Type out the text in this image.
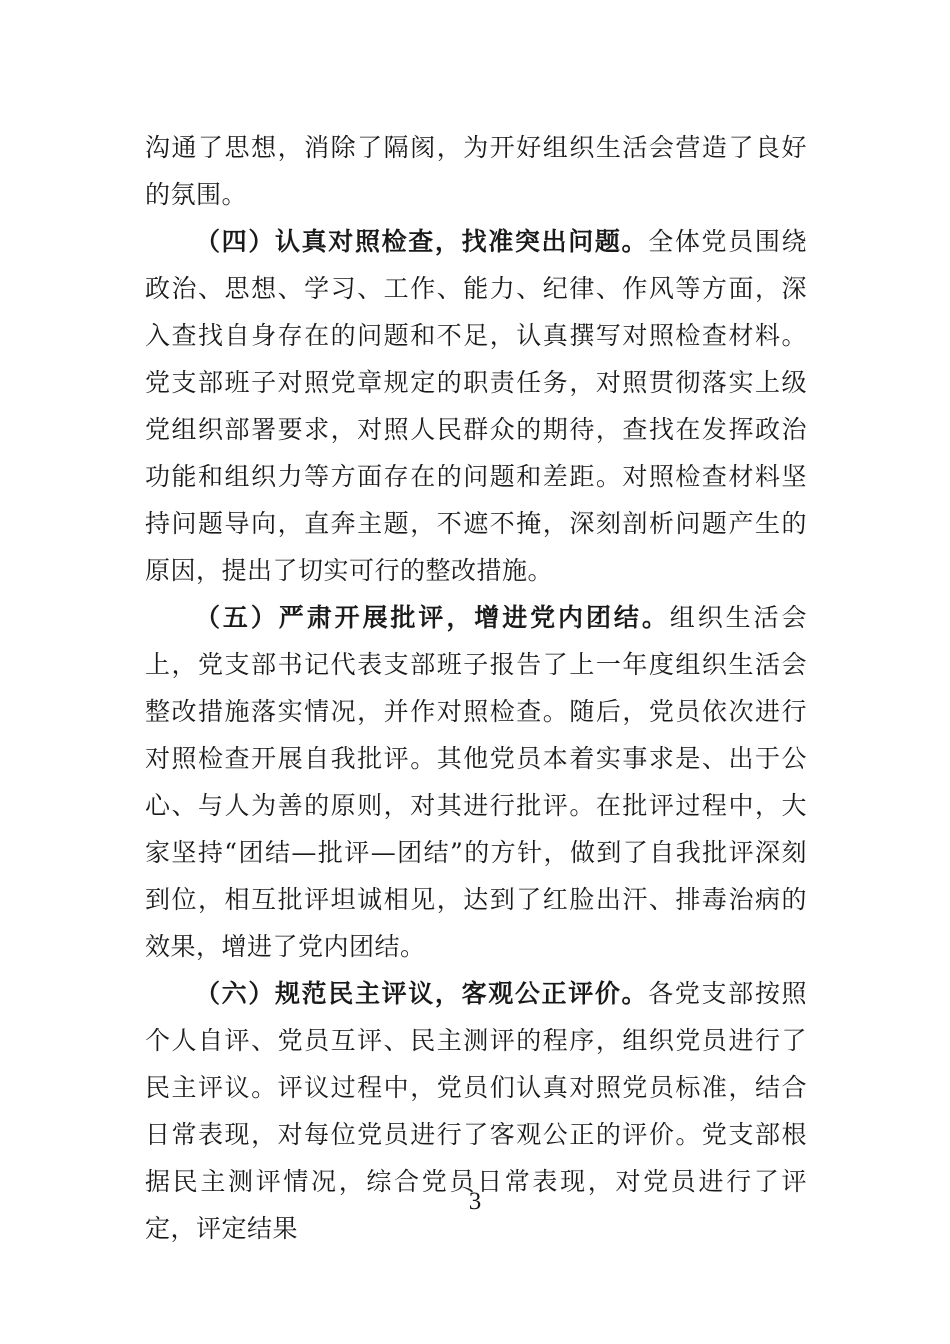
沟通了思想，消除了隔阂，为开好组织生活会营造了良好的氛围。

（四）认真对照检查，找准突出问题。全体党员围绕政治、思想、学习、工作、能力、纪律、作风等方面，深入查找自身存在的问题和不足，认真撰写对照检查材料。党支部班子对照党章规定的职责任务，对照贯彻落实上级党组织部署要求，对照人民群众的期待，查找在发挥政治功能和组织力等方面存在的问题和差距。对照检查材料坚持问题导向，直奔主题，不遮不掩，深刻剖析问题产生的原因，提出了切实可行的整改措施。

（五）严肃开展批评，增进党内团结。组织生活会上，党支部书记代表支部班子报告了上一年度组织生活会整改措施落实情况，并作对照检查。随后，党员依次进行对照检查开展自我批评。其他党员本着实事求是、出于公心、与人为善的原则，对其进行批评。在批评过程中，大家坚持“团结—批评—团结”的方针，做到了自我批评深刻到位，相互批评坦诚相见，达到了红脸出汗、排毒治病的效果，增进了党内团结。

（六）规范民主评议，客观公正评价。各党支部按照个人自评、党员互评、民主测评的程序，组织党员进行了民主评议。评议过程中，党员们认真对照党员标准，结合日常表现，对每位党员进行了客观公正的评价。党支部根据民主测评情况，综合党员日常表现，对党员进行了评定，评定结果

3
